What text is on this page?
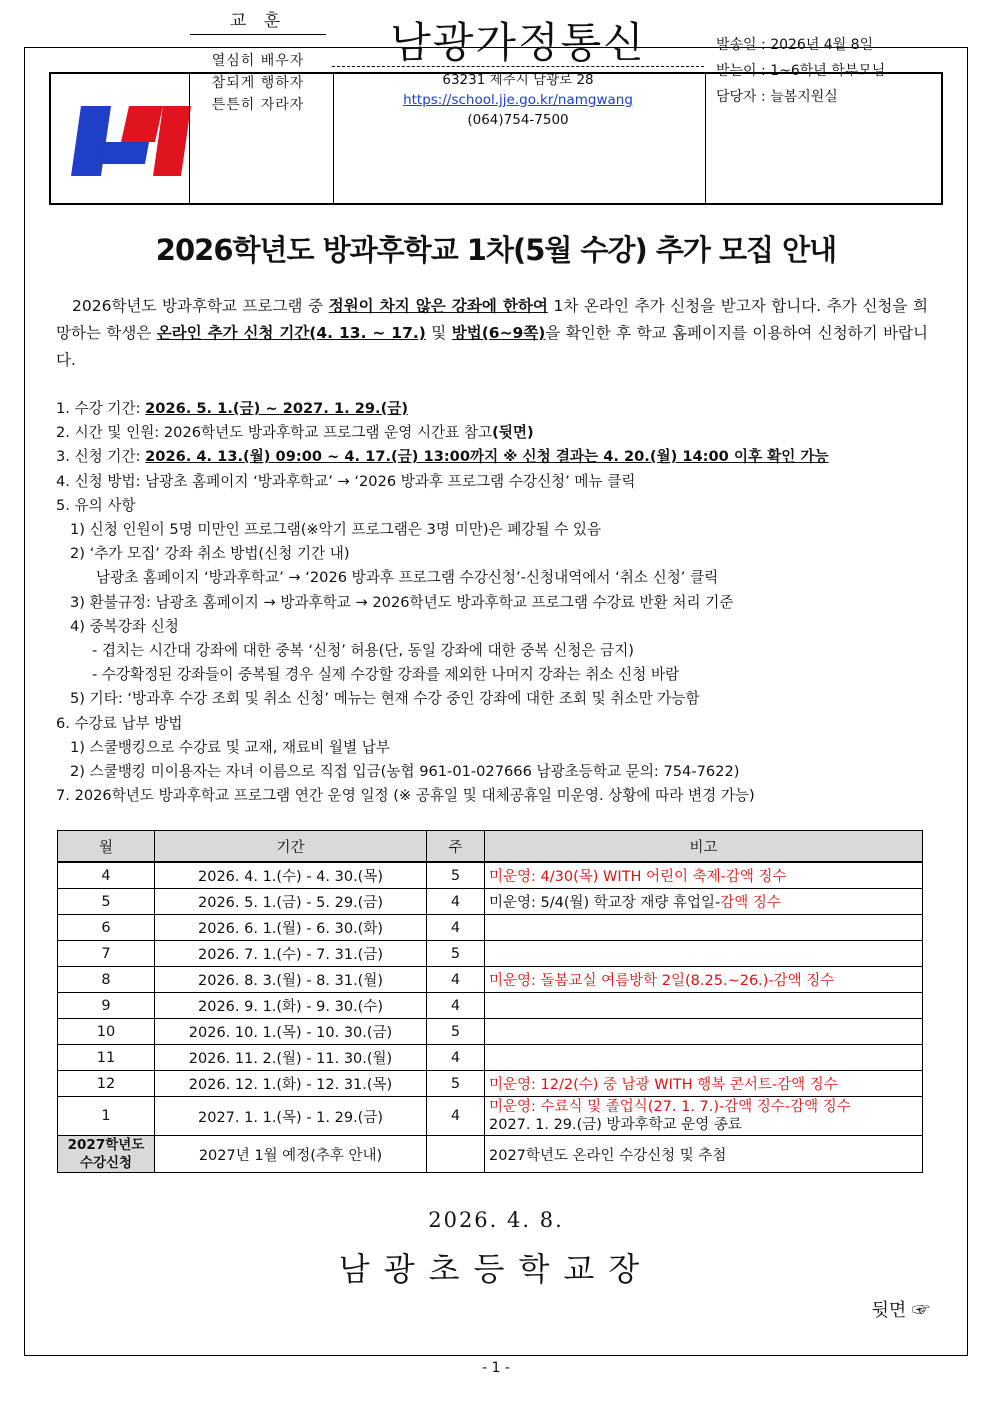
교 훈
열심히 배우자
참되게 행하자
튼튼히 자라자
남광가정통신
63231 제주시 남광로 28
https://school.jje.go.kr/namgwang
(064)754-7500
발송일 : 2026년 4월 8일
받는이 : 1~6학년 학부모님
담당자 : 늘봄지원실
2026학년도 방과후학교 1차(5월 수강) 추가 모집 안내
2026학년도 방과후학교 프로그램 중 정원이 차지 않은 강좌에 한하여 1차 온라인 추가 신청을 받고자 합니다. 추가 신청을 희망하는 학생은 온라인 추가 신청 기간(4. 13. ~ 17.) 및 방법(6~9쪽)을 확인한 후 학교 홈페이지를 이용하여 신청하기 바랍니다.
1. 수강 기간: 2026. 5. 1.(금) ~ 2027. 1. 29.(금)
2. 시간 및 인원: 2026학년도 방과후학교 프로그램 운영 시간표 참고(뒷면)
3. 신청 기간: 2026. 4. 13.(월) 09:00 ~ 4. 17.(금) 13:00까지 ※ 신청 결과는 4. 20.(월) 14:00 이후 확인 가능
4. 신청 방법: 남광초 홈페이지 ‘방과후학교’ → ‘2026 방과후 프로그램 수강신청’ 메뉴 클릭
5. 유의 사항
1) 신청 인원이 5명 미만인 프로그램(※악기 프로그램은 3명 미만)은 폐강될 수 있음
2) ‘추가 모집’ 강좌 취소 방법(신청 기간 내)
남광초 홈페이지 ‘방과후학교’ → ‘2026 방과후 프로그램 수강신청’-신청내역에서 ‘취소 신청’ 클릭
3) 환불규정: 남광초 홈페이지 → 방과후학교 → 2026학년도 방과후학교 프로그램 수강료 반환 처리 기준
4) 중복강좌 신청
- 겹치는 시간대 강좌에 대한 중복 ‘신청’ 허용(단, 동일 강좌에 대한 중복 신청은 금지)
- 수강확정된 강좌들이 중복될 경우 실제 수강할 강좌를 제외한 나머지 강좌는 취소 신청 바람
5) 기타: ‘방과후 수강 조회 및 취소 신청’ 메뉴는 현재 수강 중인 강좌에 대한 조회 및 취소만 가능함
6. 수강료 납부 방법
1) 스쿨뱅킹으로 수강료 및 교재, 재료비 월별 납부
2) 스쿨뱅킹 미이용자는 자녀 이름으로 직접 입금(농협 961-01-027666 남광초등학교 문의: 754-7622)
7. 2026학년도 방과후학교 프로그램 연간 운영 일정 (※ 공휴일 및 대체공휴일 미운영. 상황에 따라 변경 가능)
월	기간	주	비고
4	2026. 4. 1.(수) - 4. 30.(목)	5	미운영: 4/30(목) WITH 어린이 축제-감액 징수
5	2026. 5. 1.(금) - 5. 29.(금)	4	미운영: 5/4(월) 학교장 재량 휴업일-감액 징수
6	2026. 6. 1.(월) - 6. 30.(화)	4	
7	2026. 7. 1.(수) - 7. 31.(금)	5	
8	2026. 8. 3.(월) - 8. 31.(월)	4	미운영: 돌봄교실 여름방학 2일(8.25.~26.)-감액 징수
9	2026. 9. 1.(화) - 9. 30.(수)	4	
10	2026. 10. 1.(목) - 10. 30.(금)	5	
11	2026. 11. 2.(월) - 11. 30.(월)	4	
12	2026. 12. 1.(화) - 12. 31.(목)	5	미운영: 12/2(수) 중 남광 WITH 행복 콘서트-감액 징수
1	2027. 1. 1.(목) - 1. 29.(금)	4	미운영: 수료식 및 졸업식(27. 1. 7.)-감액 징수-감액 징수
2027. 1. 29.(금) 방과후학교 운영 종료
2027학년도
수강신청	2027년 1월 예정(추후 안내)		2027학년도 온라인 수강신청 및 추첨
2026. 4. 8.
남광초등학교장
뒷면 ☞
- 1 -
